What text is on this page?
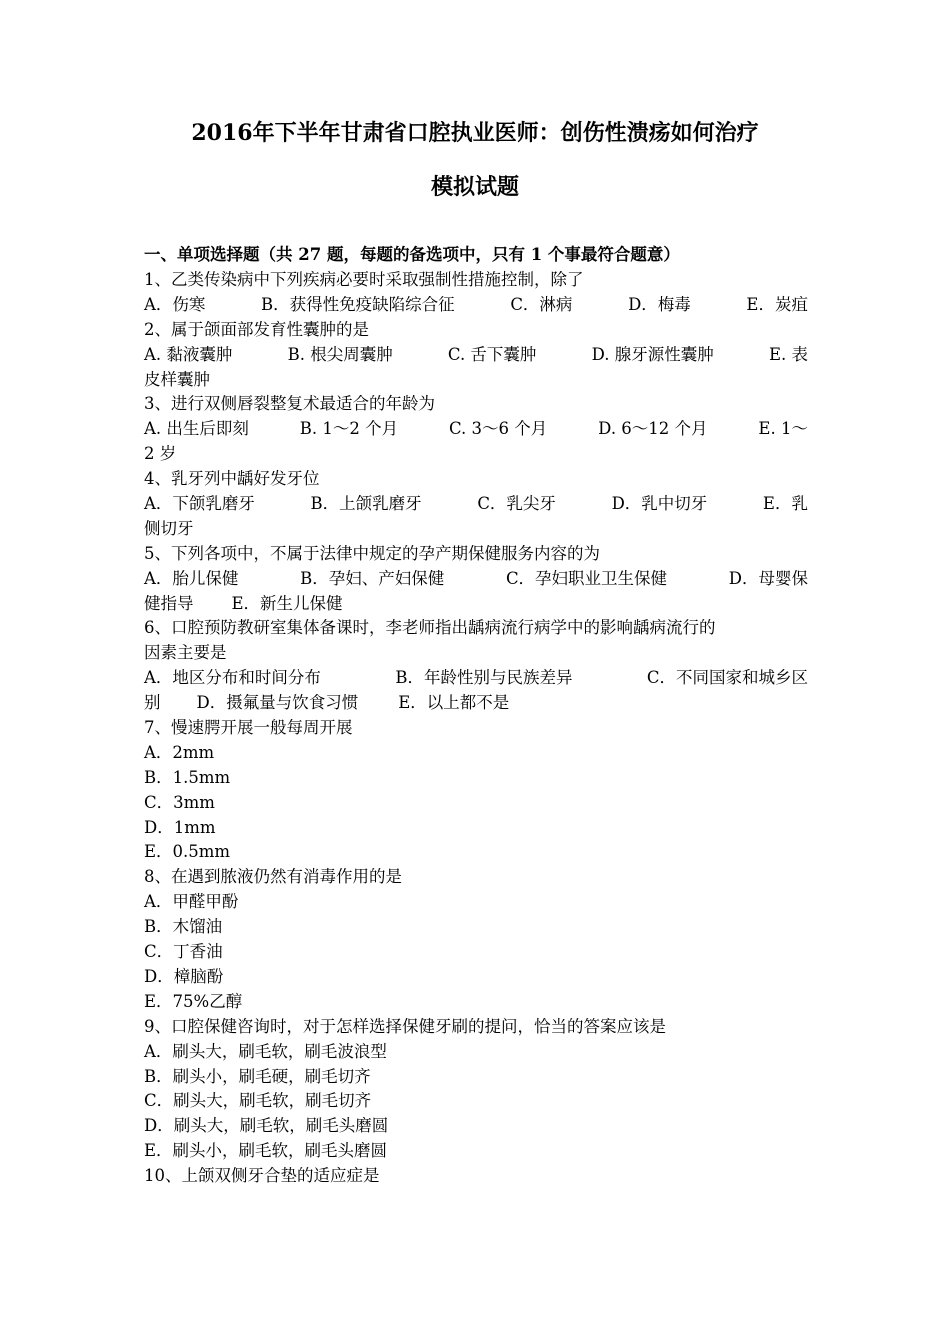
2016年下半年甘肃省口腔执业医师：创伤性溃疡如何治疗
模拟试题
一、单项选择题（共 27 题，每题的备选项中，只有 1 个事最符合题意）
1、乙类传染病中下列疾病必要时采取强制性措施控制，除了
A．伤寒	B．获得性免疫缺陷综合征	C．淋病	D．梅毒	E．炭疽
2、属于颌面部发育性囊肿的是
A. 黏液囊肿	B. 根尖周囊肿	C. 舌下囊肿	D. 腺牙源性囊肿	E. 表
皮样囊肿
3、进行双侧唇裂整复术最适合的年龄为
A. 出生后即刻	B. 1～2 个月	C. 3～6 个月	D. 6～12 个月	E. 1～
2 岁
4、乳牙列中龋好发牙位
A．下颌乳磨牙	B．上颌乳磨牙	C．乳尖牙	D．乳中切牙	E．乳
侧切牙
5、下列各项中，不属于法律中规定的孕产期保健服务内容的为
A．胎儿保健	B．孕妇、产妇保健	C．孕妇职业卫生保健	D．母婴保
健指导 E．新生儿保健
6、口腔预防教研室集体备课时，李老师指出龋病流行病学中的影响龋病流行的
因素主要是
A．地区分布和时间分布	B．年龄性别与民族差异	C．不同国家和城乡区
别 D．摄氟量与饮食习惯 E．以上都不是
7、慢速腭开展一般每周开展
A．2mm
B．1.5mm
C．3mm
D．1mm
E．0.5mm
8、在遇到脓液仍然有消毒作用的是
A．甲醛甲酚
B．木馏油
C．丁香油
D．樟脑酚
E．75%乙醇
9、口腔保健咨询时，对于怎样选择保健牙刷的提问，恰当的答案应该是
A．刷头大，刷毛软，刷毛波浪型
B．刷头小，刷毛硬，刷毛切齐
C．刷头大，刷毛软，刷毛切齐
D．刷头大，刷毛软，刷毛头磨圆
E．刷头小，刷毛软，刷毛头磨圆
10、上颌双侧牙合垫的适应症是
